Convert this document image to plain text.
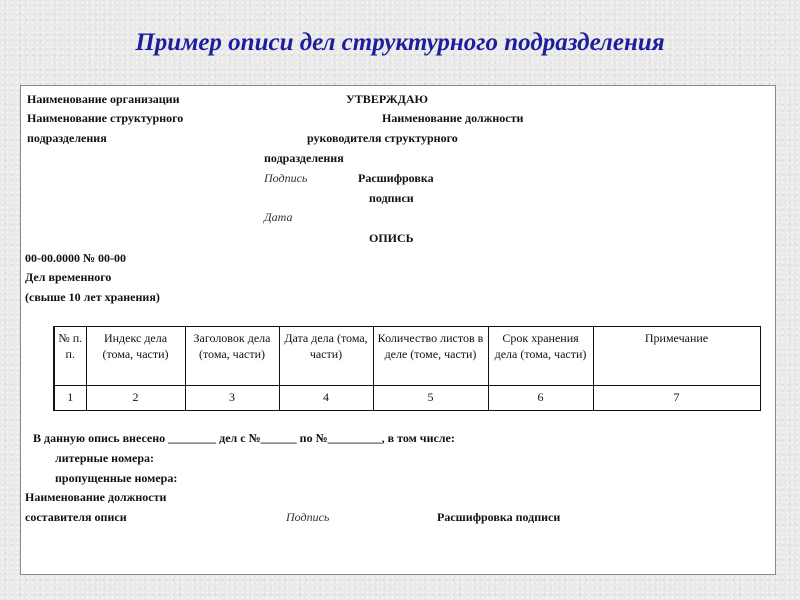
Пример описи дел структурного подразделения
Наименование организации
Наименование структурного
подразделения
УТВЕРЖДАЮ
Наименование должности
руководителя структурного
подразделения
Подпись	Расшифровка
подписи
Дата
ОПИСЬ
00-00.0000 № 00-00
Дел временного
(свыше 10 лет хранения)
№ п. п.	Индекс дела (тома, части)	Заголовок дела (тома, части)	Дата дела (тома, части)	Количество листов в деле (томе, части)	Срок хранения дела (тома, части)	Примечание
1	2	3	4	5	6	7
В данную опись внесено ________ дел с №______ по №_________, в том числе:
литерные номера:
пропущенные номера:
Наименование должности
составителя описи	Подпись	Расшифровка подписи
